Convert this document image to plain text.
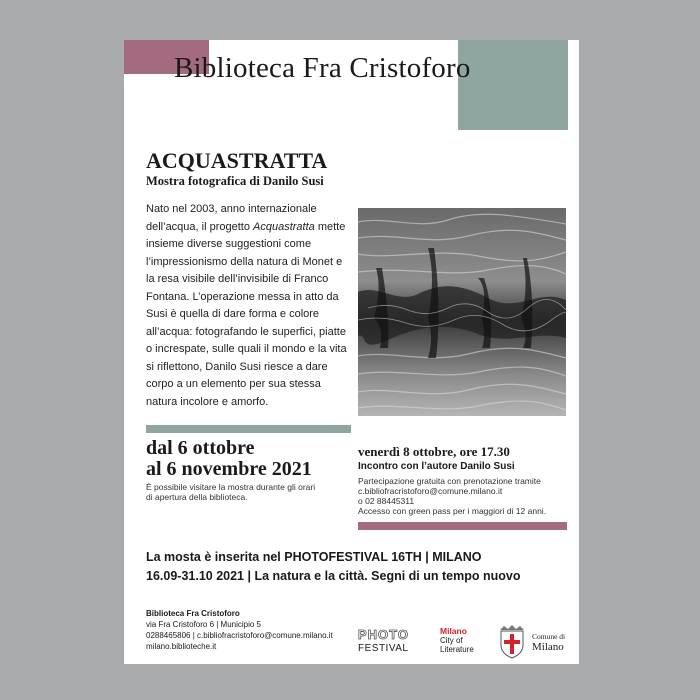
Biblioteca Fra Cristoforo
ACQUASTRATTA
Mostra fotografica di Danilo Susi
Nato nel 2003, anno internazionale dell’acqua, il progetto Acquastratta mette insieme diverse suggestioni come l’impressionismo della natura di Monet e la resa visibile dell’invisibile di Franco Fontana. L’operazione messa in atto da Susi è quella di dare forma e colore all’acqua: fotografando le superfici, piatte o increspate, sulle quali il mondo e la vita si riflettono, Danilo Susi riesce a dare corpo a un elemento per sua stessa natura incolore e amorfo.
dal 6 ottobre
al 6 novembre 2021
È possibile visitare la mostra durante gli orari
di apertura della biblioteca.
venerdì 8 ottobre, ore 17.30
Incontro con l’autore Danilo Susi
Partecipazione gratuita con prenotazione tramite
c.bibliofracristoforo@comune.milano.it
o 02 88445311
Accesso con green pass per i maggiori di 12 anni.
La mosta è inserita nel PHOTOFESTIVAL 16TH | MILANO
16.09-31.10 2021 | La natura e la città. Segni di un tempo nuovo
Biblioteca Fra Cristoforo
via Fra Cristoforo 6 | Municipio 5
0288465806 | c.bibliofracristoforo@comune.milano.it
milano.biblioteche.it
PHOTO
FESTIVAL
Milano
City of
Literature
Comune di
Milano
